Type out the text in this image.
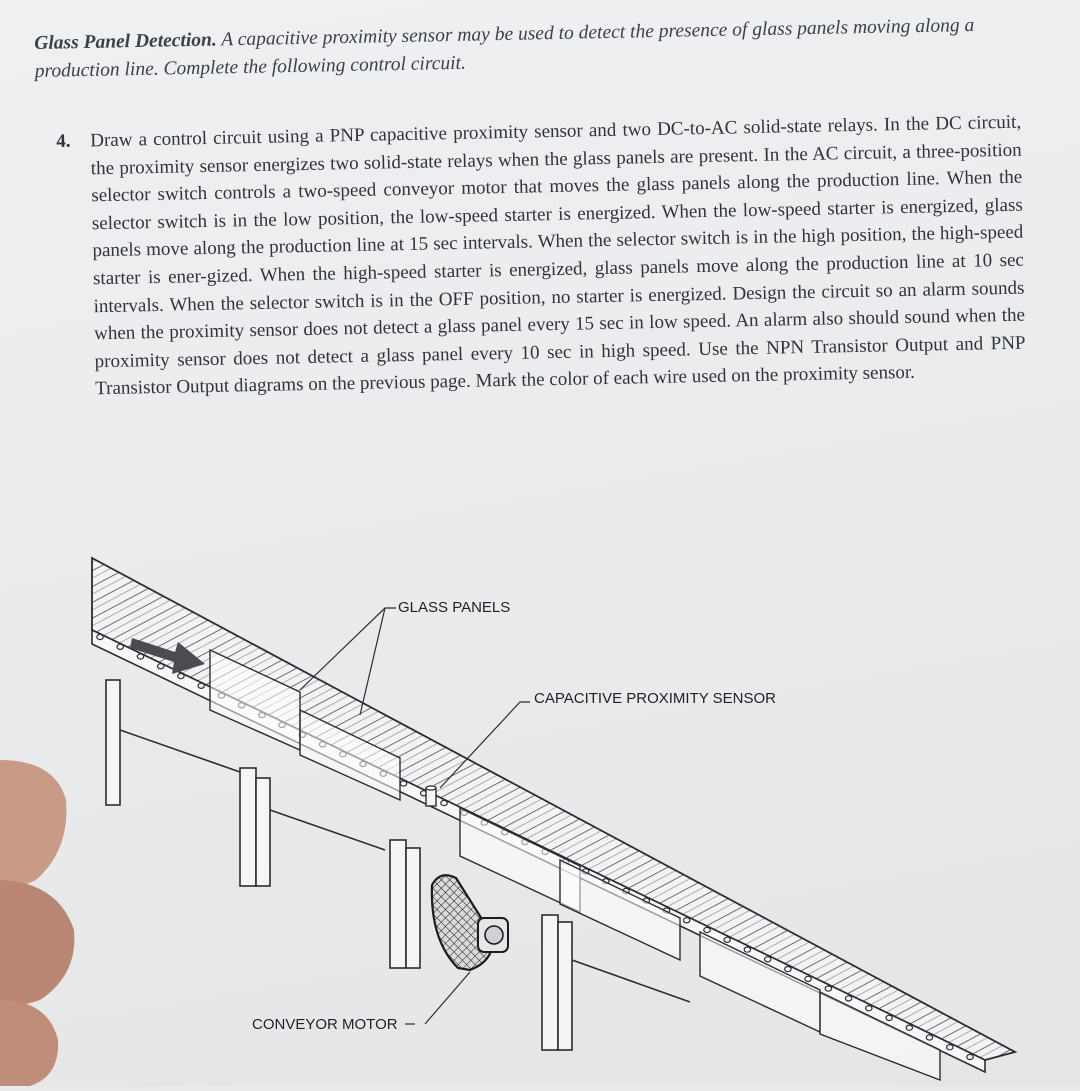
Glass Panel Detection. A capacitive proximity sensor may be used to detect the presence of glass panels moving along a production line. Complete the following control circuit.
4. Draw a control circuit using a PNP capacitive proximity sensor and two DC-to-AC solid-state relays. In the DC circuit, the proximity sensor energizes two solid-state relays when the glass panels are present. In the AC circuit, a three-position selector switch controls a two-speed conveyor motor that moves the glass panels along the production line. When the selector switch is in the low position, the low-speed starter is energized. When the low-speed starter is energized, glass panels move along the production line at 15 sec intervals. When the selector switch is in the high position, the high-speed starter is ener-gized. When the high-speed starter is energized, glass panels move along the production line at 10 sec intervals. When the selector switch is in the OFF position, no starter is energized. Design the circuit so an alarm sounds when the proximity sensor does not detect a glass panel every 15 sec in low speed. An alarm also should sound when the proximity sensor does not detect a glass panel every 10 sec in high speed. Use the NPN Transistor Output and PNP Transistor Output diagrams on the previous page. Mark the color of each wire used on the proximity sensor.
GLASS PANELS
CAPACITIVE PROXIMITY SENSOR
CONVEYOR MOTOR
